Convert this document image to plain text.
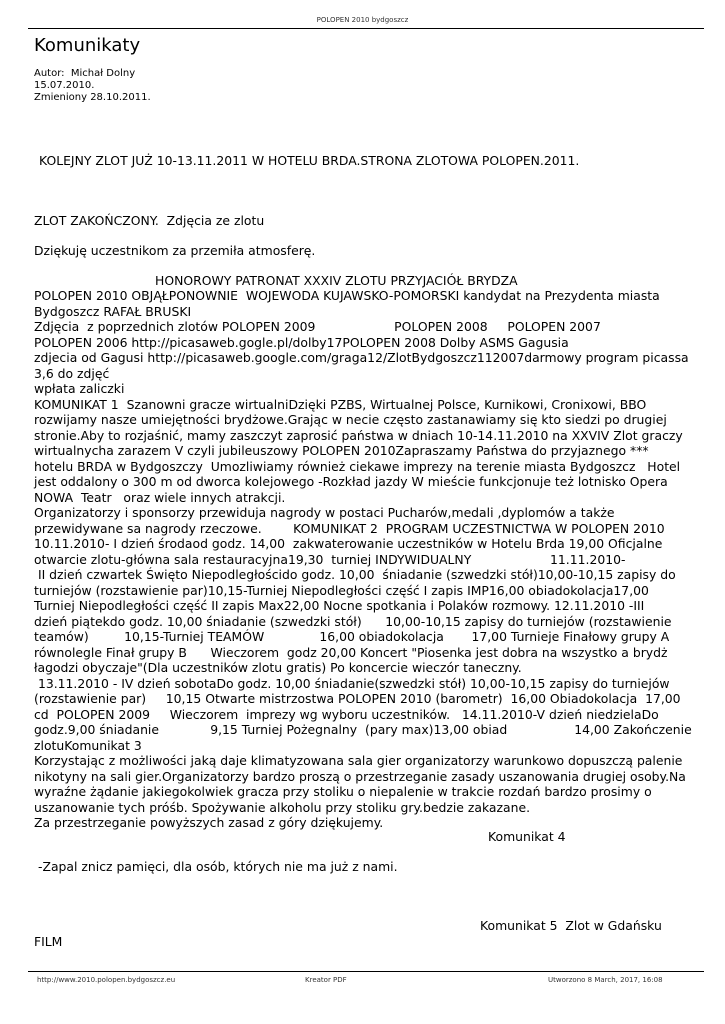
POLOPEN 2010 bydgoszcz
Komunikaty
Autor:  Michał Dolny
15.07.2010.
Zmieniony 28.10.2011.
KOLEJNY ZLOT JUŻ 10-13.11.2011 W HOTELU BRDA.STRONA ZLOTOWA POLOPEN.2011.
ZLOT ZAKOŃCZONY.  Zdjęcia ze zlotu
Dziękuję uczestnikom za przemiła atmosferę.
HONOROWY PATRONAT XXXIV ZLOTU PRZYJACIÓŁ BRYDZA
POLOPEN 2010 OBJĄŁPONOWNIE  WOJEWODA KUJAWSKO-POMORSKI kandydat na Prezydenta miasta
Bydgoszcz RAFAŁ BRUSKI
Zdjęcia  z poprzednich zlotów POLOPEN 2009                    POLOPEN 2008     POLOPEN 2007
POLOPEN 2006 http://picasaweb.gogle.pl/dolby17POLOPEN 2008 Dolby ASMS Gagusia
zdjecia od Gagusi http://picasaweb.google.com/graga12/ZlotBydgoszcz112007darmowy program picassa
3,6 do zdjęć
wpłata zaliczki
KOMUNIKAT 1  Szanowni gracze wirtualniDzięki PZBS, Wirtualnej Polsce, Kurnikowi, Cronixowi, BBO
rozwijamy nasze umiejętności brydżowe.Grając w necie często zastanawiamy się kto siedzi po drugiej
stronie.Aby to rozjaśnić, mamy zaszczyt zaprosić państwa w dniach 10-14.11.2010 na XXVIV Zlot graczy
wirtualnycha zarazem V czyli jubileuszowy POLOPEN 2010Zapraszamy Państwa do przyjaznego ***
hotelu BRDA w Bydgoszczy  Umozliwiamy również ciekawe imprezy na terenie miasta Bydgoszcz   Hotel
jest oddalony o 300 m od dworca kolejowego -Rozkład jazdy W mieście funkcjonuje też lotnisko Opera
NOWA  Teatr   oraz wiele innych atrakcji.
Organizatorzy i sponsorzy przewiduja nagrody w postaci Pucharów,medali ,dyplomów a także
przewidywane sa nagrody rzeczowe.        KOMUNIKAT 2  PROGRAM UCZESTNICTWA W POLOPEN 2010
10.11.2010- I dzień środaod godz. 14,00  zakwaterowanie uczestników w Hotelu Brda 19,00 Oficjalne
otwarcie zlotu-główna sala restauracyjna19,30  turniej INDYWIDUALNY                    11.11.2010-
II dzień czwartek Święto Niepodległoścido godz. 10,00  śniadanie (szwedzki stół)10,00-10,15 zapisy do
turniejów (rozstawienie par)10,15-Turniej Niepodległości część I zapis IMP16,00 obiadokolacja17,00
Turniej Niepodległości część II zapis Max22,00 Nocne spotkania i Polaków rozmowy. 12.11.2010 -III
dzień piątekdo godz. 10,00 śniadanie (szwedzki stół)      10,00-10,15 zapisy do turniejów (rozstawienie
teamów)         10,15-Turniej TEAMÓW              16,00 obiadokolacja       17,00 Turnieje Finałowy grupy A
równolegle Finał grupy B      Wieczorem  godz 20,00 Koncert "Piosenka jest dobra na wszystko a brydż
łagodzi obyczaje"(Dla uczestników zlotu gratis) Po koncercie wieczór taneczny.
13.11.2010 - IV dzień sobotaDo godz. 10,00 śniadanie(szwedzki stół) 10,00-10,15 zapisy do turniejów
(rozstawienie par)     10,15 Otwarte mistrzostwa POLOPEN 2010 (barometr)  16,00 Obiadokolacja  17,00
cd  POLOPEN 2009     Wieczorem  imprezy wg wyboru uczestników.   14.11.2010-V dzień niedzielaDo
godz.9,00 śniadanie             9,15 Turniej Pożegnalny  (pary max)13,00 obiad                 14,00 Zakończenie
zlotuKomunikat 3
Korzystając z możliwości jaką daje klimatyzowana sala gier organizatorzy warunkowo dopuszczą palenie
nikotyny na sali gier.Organizatorzy bardzo proszą o przestrzeganie zasady uszanowania drugiej osoby.Na
wyraźne żądanie jakiegokolwiek gracza przy stoliku o niepalenie w trakcie rozdań bardzo prosimy o
uszanowanie tych próśb. Spożywanie alkoholu przy stoliku gry.bedzie zakazane.
Za przestrzeganie powyższych zasad z góry dziękujemy.
Komunikat 4
-Zapal znicz pamięci, dla osób, których nie ma już z nami.
Komunikat 5  Zlot w Gdańsku
FILM
http://www.2010.polopen.bydgoszcz.eu	Kreator PDF	Utworzono 8 March, 2017, 16:08
